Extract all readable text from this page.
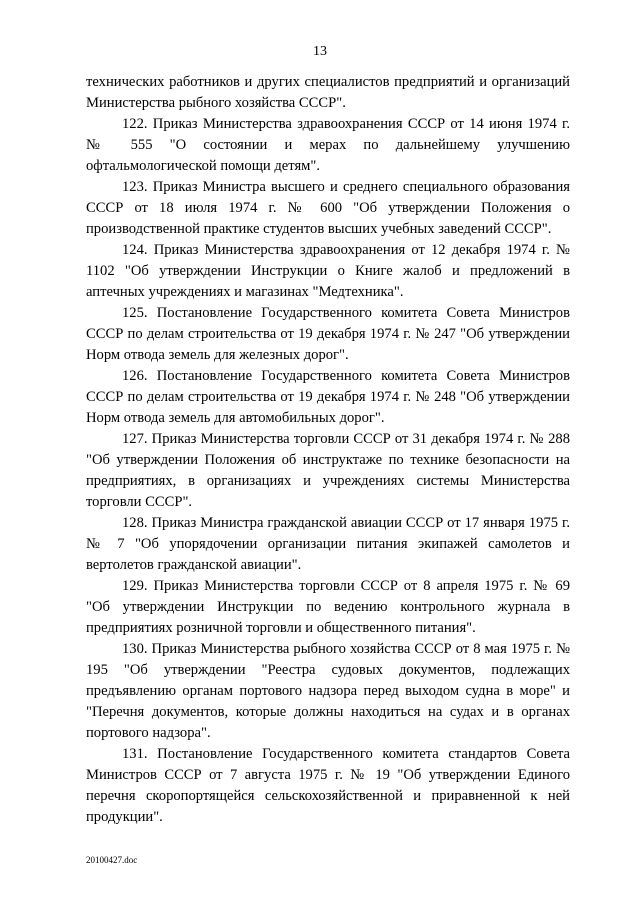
13

технических работников и других специалистов предприятий и организаций Министерства рыбного хозяйства СССР".

122. Приказ Министерства здравоохранения СССР от 14 июня 1974 г. № 555 "О состоянии и мерах по дальнейшему улучшению офтальмологической помощи детям".

123. Приказ Министра высшего и среднего специального образования СССР от 18 июля 1974 г. № 600 "Об утверждении Положения о производственной практике студентов высших учебных заведений СССР".

124. Приказ Министерства здравоохранения от 12 декабря 1974 г. № 1102 "Об утверждении Инструкции о Книге жалоб и предложений в аптечных учреждениях и магазинах "Медтехника".

125. Постановление Государственного комитета Совета Министров СССР по делам строительства от 19 декабря 1974 г. № 247 "Об утверждении Норм отвода земель для железных дорог".

126. Постановление Государственного комитета Совета Министров СССР по делам строительства от 19 декабря 1974 г. № 248 "Об утверждении Норм отвода земель для автомобильных дорог".

127. Приказ Министерства торговли СССР от 31 декабря 1974 г. № 288 "Об утверждении Положения об инструктаже по технике безопасности на предприятиях, в организациях и учреждениях системы Министерства торговли СССР".

128. Приказ Министра гражданской авиации СССР от 17 января 1975 г. № 7 "Об упорядочении организации питания экипажей самолетов и вертолетов гражданской авиации".

129. Приказ Министерства торговли СССР от 8 апреля 1975 г. № 69 "Об утверждении Инструкции по ведению контрольного журнала в предприятиях розничной торговли и общественного питания".

130. Приказ Министерства рыбного хозяйства СССР от 8 мая 1975 г. № 195 "Об утверждении "Реестра судовых документов, подлежащих предъявлению органам портового надзора перед выходом судна в море" и "Перечня документов, которые должны находиться на судах и в органах портового надзора".

131. Постановление Государственного комитета стандартов Совета Министров СССР от 7 августа 1975 г. № 19 "Об утверждении Единого перечня скоропортящейся сельскохозяйственной и приравненной к ней продукции".

20100427.doc
